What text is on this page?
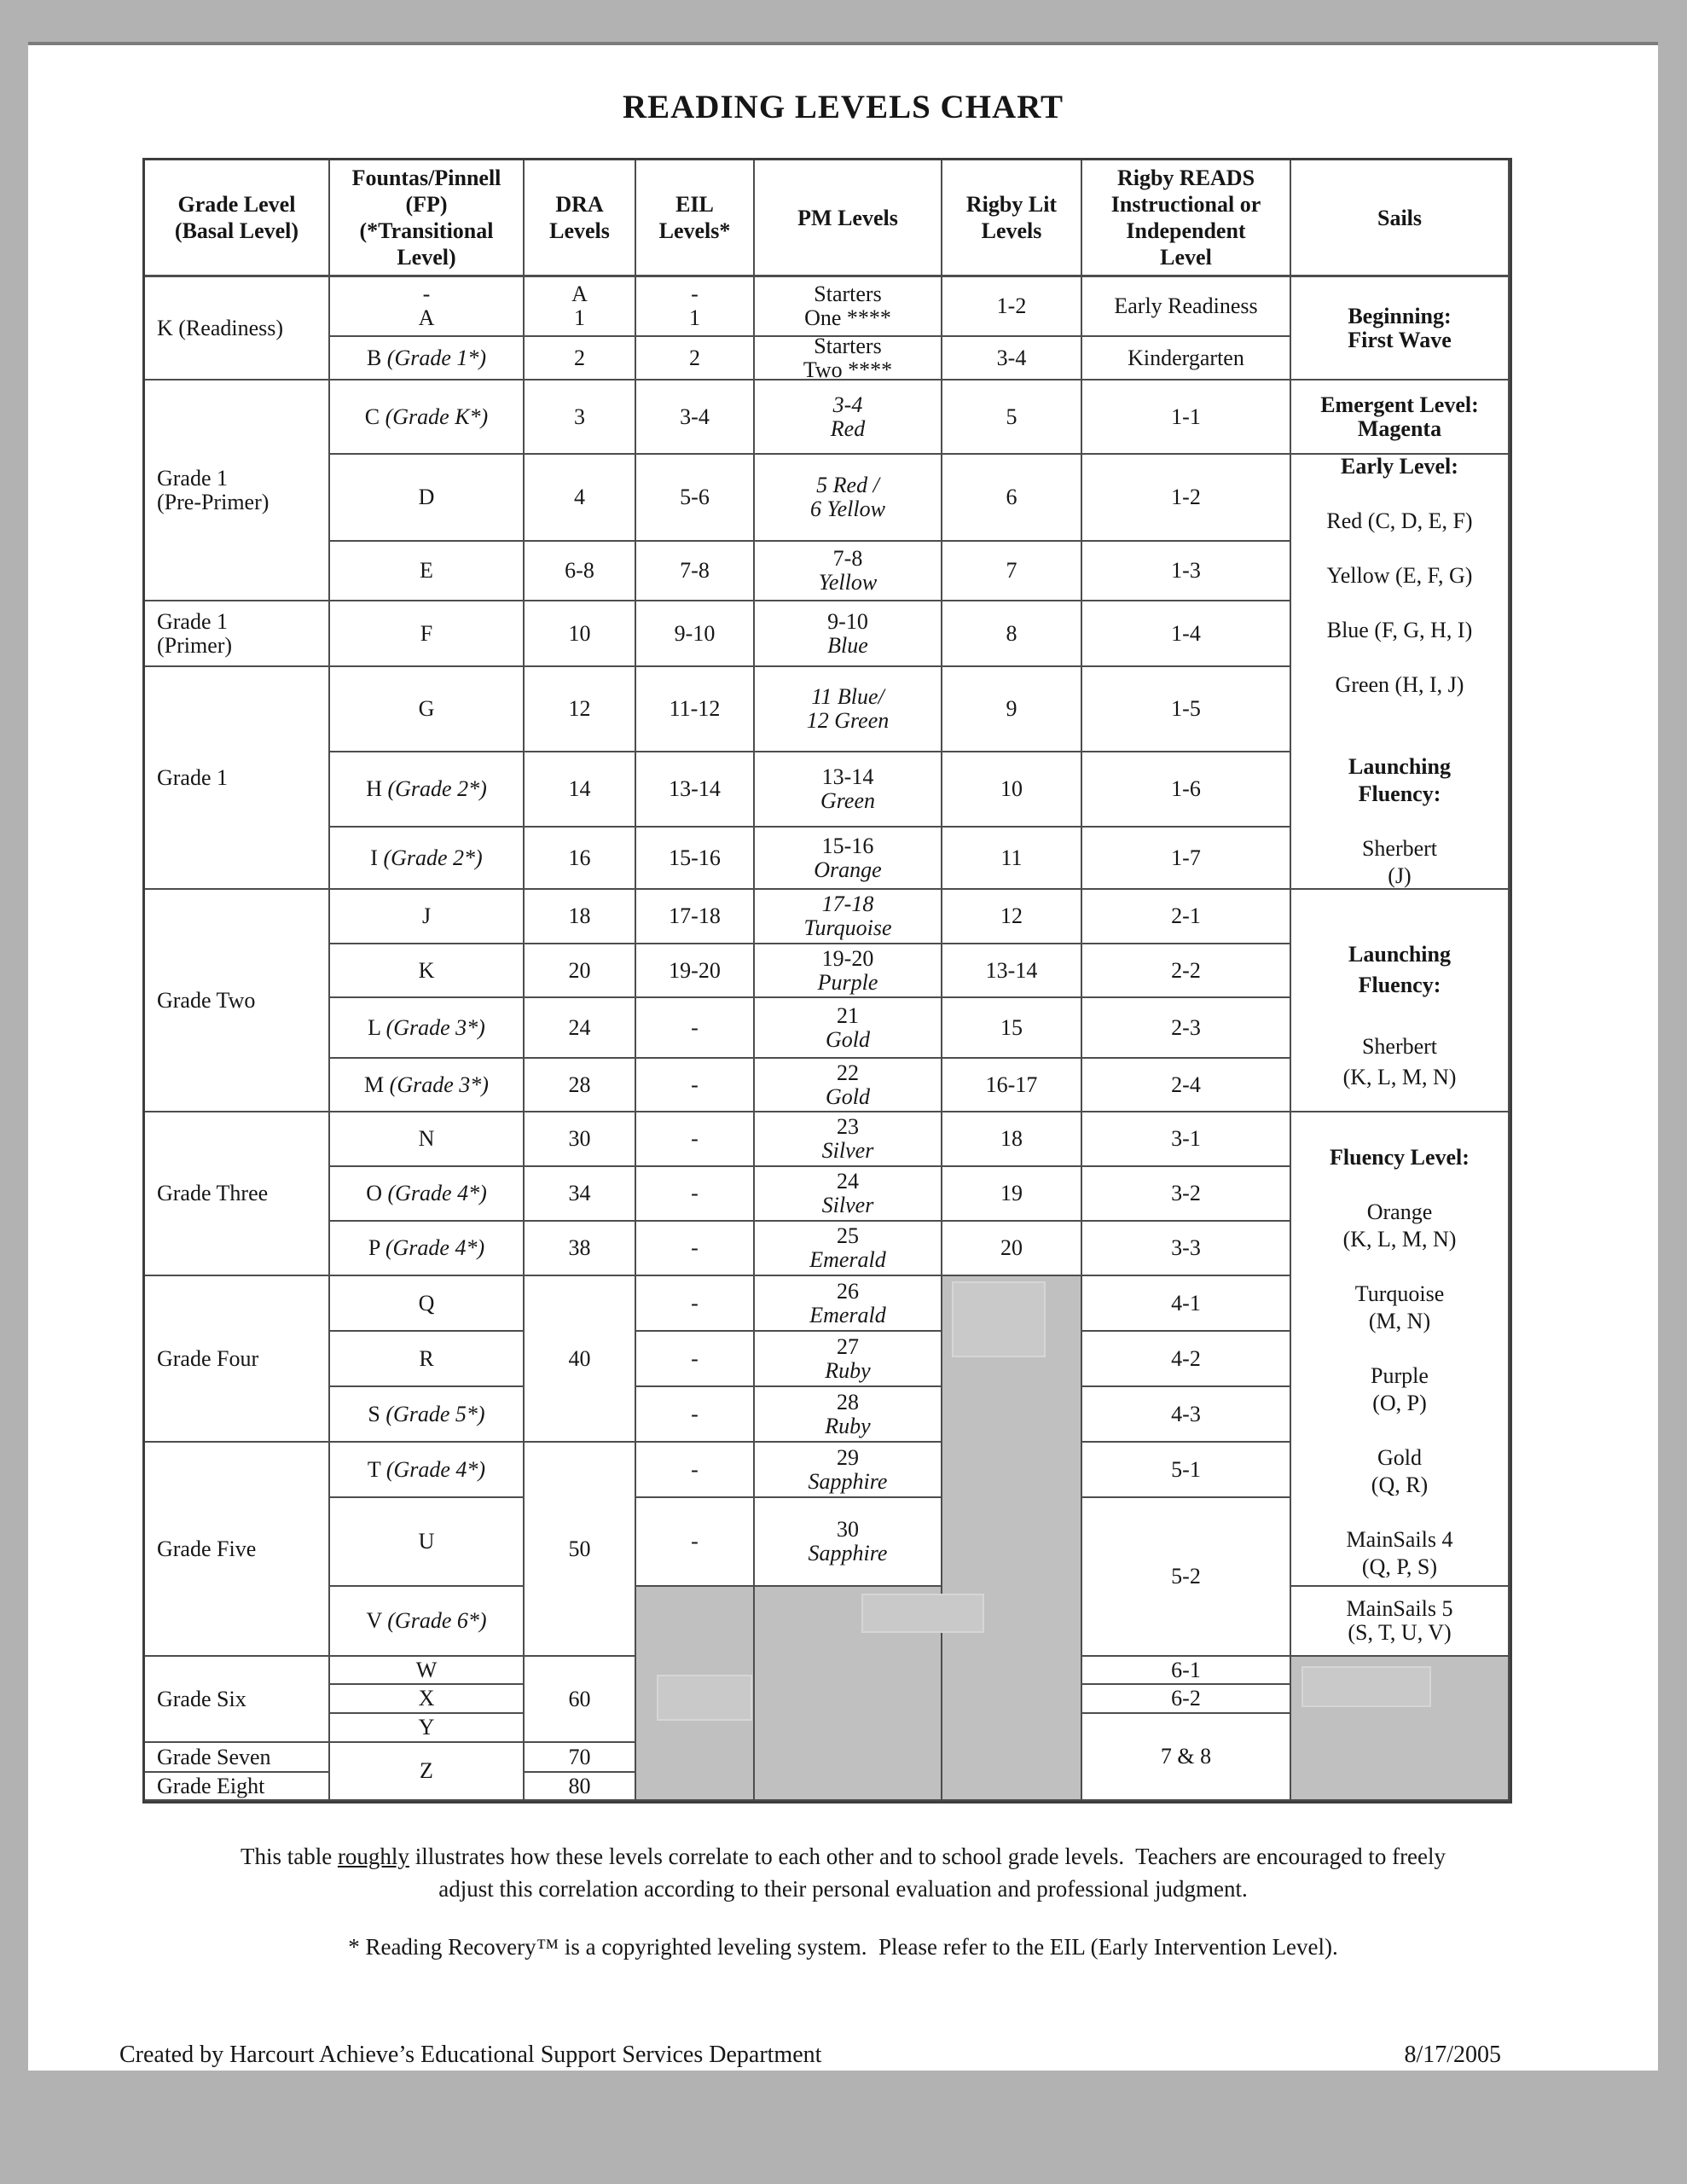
READING LEVELS CHART
Grade Level
(Basal Level)
Fountas/Pinnell
(FP)
(*Transitional
Level)
DRA
Levels
EIL
Levels*
PM Levels
Rigby Lit
Levels
Rigby READS
Instructional or
Independent
Level
Sails
K (Readiness)
Grade 1
(Pre-Primer)
Grade 1
(Primer)
Grade 1
Grade Two
Grade Three
Grade Four
Grade Five
Grade Six
Grade Seven
Grade Eight
-
A
B (Grade 1*)
C (Grade K*)
D
E
F
G
H (Grade 2*)
I (Grade 2*)
J
K
L (Grade 3*)
M (Grade 3*)
N
O (Grade 4*)
P (Grade 4*)
Q
R
S (Grade 5*)
T (Grade 4*)
U
V (Grade 6*)
W
X
Y
Z
A
1
2
3
4
6-8
10
12
14
16
18
20
24
28
30
34
38
40
50
60
70
80
-
1
2
3-4
5-6
7-8
9-10
11-12
13-14
15-16
17-18
19-20
-
-
-
-
-
-
-
-
-
-
Starters
One ****
Starters
Two ****
3-4
Red
5 Red /
6 Yellow
7-8
Yellow
9-10
Blue
11 Blue/
12 Green
13-14
Green
15-16
Orange
17-18
Turquoise
19-20
Purple
21
Gold
22
Gold
23
Silver
24
Silver
25
Emerald
26
Emerald
27
Ruby
28
Ruby
29
Sapphire
30
Sapphire
1-2
3-4
5
6
7
8
9
10
11
12
13-14
15
16-17
18
19
20
Early Readiness
Kindergarten
1-1
1-2
1-3
1-4
1-5
1-6
1-7
2-1
2-2
2-3
2-4
3-1
3-2
3-3
4-1
4-2
4-3
5-1
5-2
6-1
6-2
7 & 8
Beginning:
First Wave
Emergent Level:
Magenta
Early Level:

Red (C, D, E, F)

Yellow (E, F, G)

Blue (F, G, H, I)

Green (H, I, J)

Launching
Fluency:

Sherbert
(J)

Launching
Fluency:

Sherbert
(K, L, M, N)

Fluency Level:

Orange
(K, L, M, N)

Turquoise
(M, N)

Purple
(O, P)

Gold
(Q, R)

MainSails 4
(Q, P, S)
MainSails 5
(S, T, U, V)
This table roughly illustrates how these levels correlate to each other and to school grade levels.  Teachers are encouraged to freely
adjust this correlation according to their personal evaluation and professional judgment.
* Reading Recovery™ is a copyrighted leveling system.  Please refer to the EIL (Early Intervention Level).
Created by Harcourt Achieve’s Educational Support Services Department	8/17/2005
